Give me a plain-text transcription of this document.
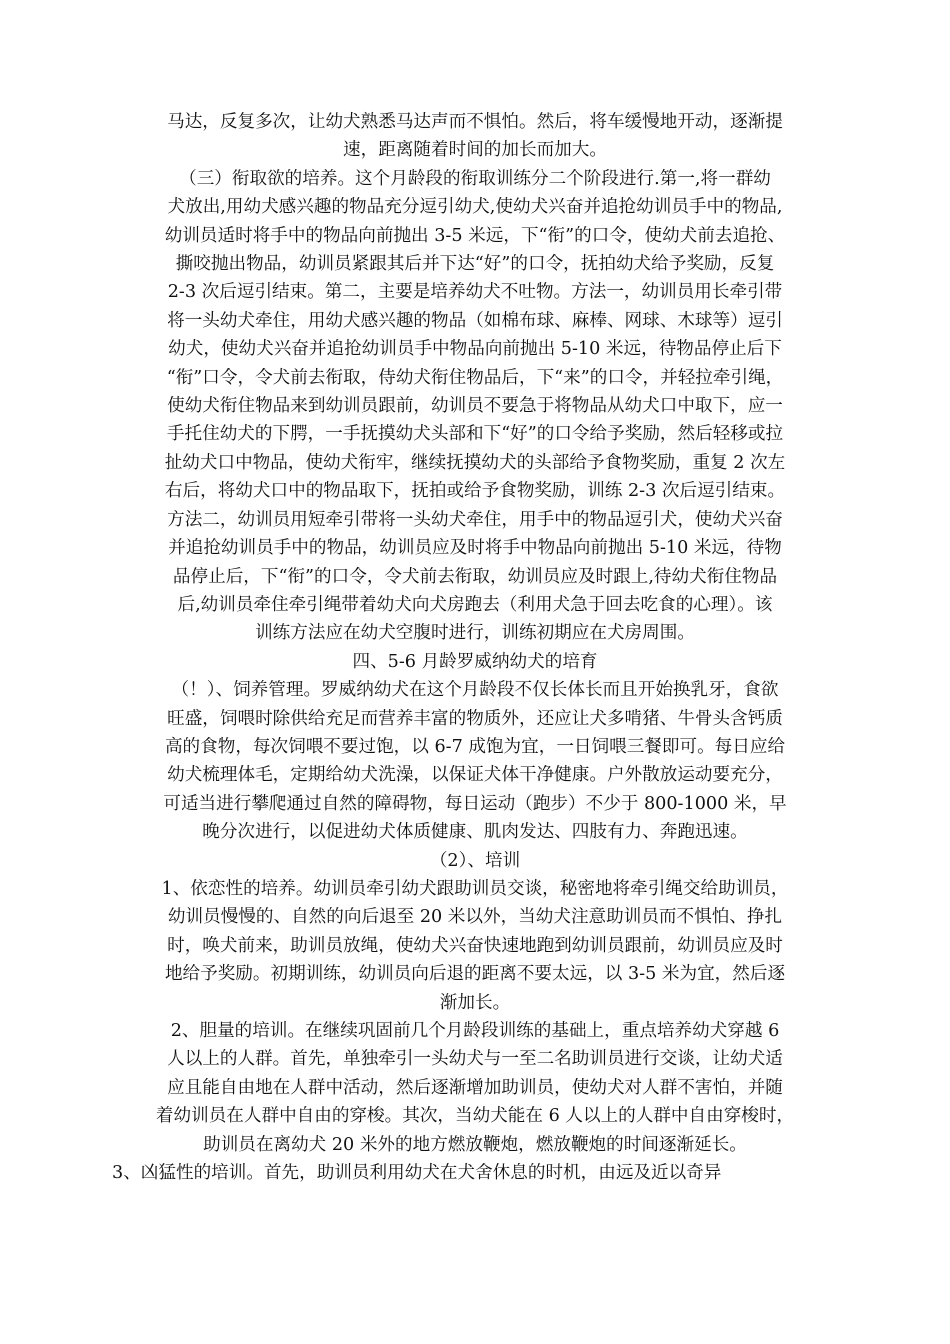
马达，反复多次，让幼犬熟悉马达声而不惧怕。然后，将车缓慢地开动，逐渐提
速，距离随着时间的加长而加大。

（三）衔取欲的培养。这个月龄段的衔取训练分二个阶段进行.第一,将一群幼
犬放出,用幼犬感兴趣的物品充分逗引幼犬,使幼犬兴奋并追抢幼训员手中的物品,
幼训员适时将手中的物品向前抛出 3-5 米远，下“衔”的口令，使幼犬前去追抢、
撕咬抛出物品，幼训员紧跟其后并下达“好”的口令，抚拍幼犬给予奖励，反复
2-3 次后逗引结束。第二，主要是培养幼犬不吐物。方法一，幼训员用长牵引带
将一头幼犬牵住，用幼犬感兴趣的物品（如棉布球、麻棒、网球、木球等）逗引
幼犬，使幼犬兴奋并追抢幼训员手中物品向前抛出 5-10 米远，待物品停止后下
“衔”口令，令犬前去衔取，侍幼犬衔住物品后，下“来”的口令，并轻拉牵引绳，
使幼犬衔住物品来到幼训员跟前，幼训员不要急于将物品从幼犬口中取下，应一
手托住幼犬的下腭，一手抚摸幼犬头部和下“好”的口令给予奖励，然后轻移或拉
扯幼犬口中物品，使幼犬衔牢，继续抚摸幼犬的头部给予食物奖励，重复 2 次左
右后，将幼犬口中的物品取下，抚拍或给予食物奖励，训练 2-3 次后逗引结束。
方法二，幼训员用短牵引带将一头幼犬牵住，用手中的物品逗引犬，使幼犬兴奋
并追抢幼训员手中的物品，幼训员应及时将手中物品向前抛出 5-10 米远，待物
品停止后，下“衔”的口令，令犬前去衔取，幼训员应及时跟上,待幼犬衔住物品
后,幼训员牵住牵引绳带着幼犬向犬房跑去（利用犬急于回去吃食的心理）。该
训练方法应在幼犬空腹时进行，训练初期应在犬房周围。

四、5-6 月龄罗威纳幼犬的培育

（！）、饲养管理。罗威纳幼犬在这个月龄段不仅长体长而且开始换乳牙，食欲
旺盛，饲喂时除供给充足而营养丰富的物质外，还应让犬多啃猪、牛骨头含钙质
高的食物，每次饲喂不要过饱，以 6-7 成饱为宜，一日饲喂三餐即可。每日应给
幼犬梳理体毛，定期给幼犬洗澡，以保证犬体干净健康。户外散放运动要充分，
可适当进行攀爬通过自然的障碍物，每日运动（跑步）不少于 800-1000 米，早
晚分次进行，以促进幼犬体质健康、肌肉发达、四肢有力、奔跑迅速。

（2）、培训

1、依恋性的培养。幼训员牵引幼犬跟助训员交谈，秘密地将牵引绳交给助训员，
幼训员慢慢的、自然的向后退至 20 米以外，当幼犬注意助训员而不惧怕、挣扎
时，唤犬前来，助训员放绳，使幼犬兴奋快速地跑到幼训员跟前，幼训员应及时
地给予奖励。初期训练，幼训员向后退的距离不要太远，以 3-5 米为宜，然后逐
渐加长。

2、胆量的培训。在继续巩固前几个月龄段训练的基础上，重点培养幼犬穿越 6
人以上的人群。首先，单独牵引一头幼犬与一至二名助训员进行交谈，让幼犬适
应且能自由地在人群中活动，然后逐渐增加助训员，使幼犬对人群不害怕，并随
着幼训员在人群中自由的穿梭。其次，当幼犬能在 6 人以上的人群中自由穿梭时，
助训员在离幼犬 20 米外的地方燃放鞭炮，燃放鞭炮的时间逐渐延长。

3、凶猛性的培训。首先，助训员利用幼犬在犬舍休息的时机，由远及近以奇异
